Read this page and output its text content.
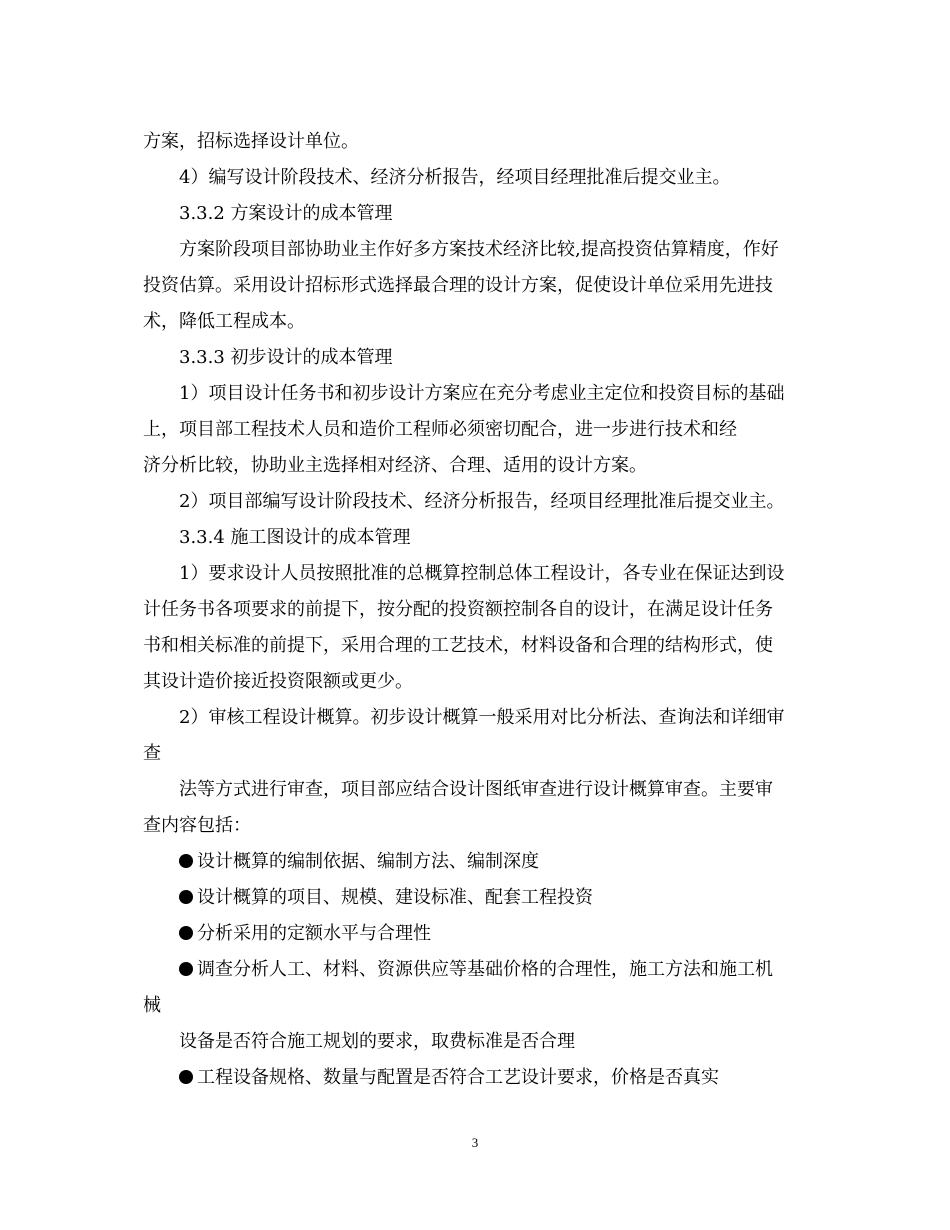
方案，招标选择设计单位。
4）编写设计阶段技术、经济分析报告，经项目经理批准后提交业主。
3.3.2 方案设计的成本管理
方案阶段项目部协助业主作好多方案技术经济比较,提高投资估算精度，作好
投资估算。采用设计招标形式选择最合理的设计方案，促使设计单位采用先进技
术，降低工程成本。
3.3.3 初步设计的成本管理
1）项目设计任务书和初步设计方案应在充分考虑业主定位和投资目标的基础
上，项目部工程技术人员和造价工程师必须密切配合，进一步进行技术和经
济分析比较，协助业主选择相对经济、合理、适用的设计方案。
2）项目部编写设计阶段技术、经济分析报告，经项目经理批准后提交业主。
3.3.4 施工图设计的成本管理
1）要求设计人员按照批准的总概算控制总体工程设计，各专业在保证达到设
计任务书各项要求的前提下，按分配的投资额控制各自的设计，在满足设计任务
书和相关标准的前提下，采用合理的工艺技术，材料设备和合理的结构形式，使
其设计造价接近投资限额或更少。
2）审核工程设计概算。初步设计概算一般采用对比分析法、查询法和详细审
查
法等方式进行审查，项目部应结合设计图纸审查进行设计概算审查。主要审
查内容包括：
设计概算的编制依据、编制方法、编制深度
设计概算的项目、规模、建设标准、配套工程投资
分析采用的定额水平与合理性
调查分析人工、材料、资源供应等基础价格的合理性，施工方法和施工机
械
设备是否符合施工规划的要求，取费标准是否合理
工程设备规格、数量与配置是否符合工艺设计要求，价格是否真实
3
